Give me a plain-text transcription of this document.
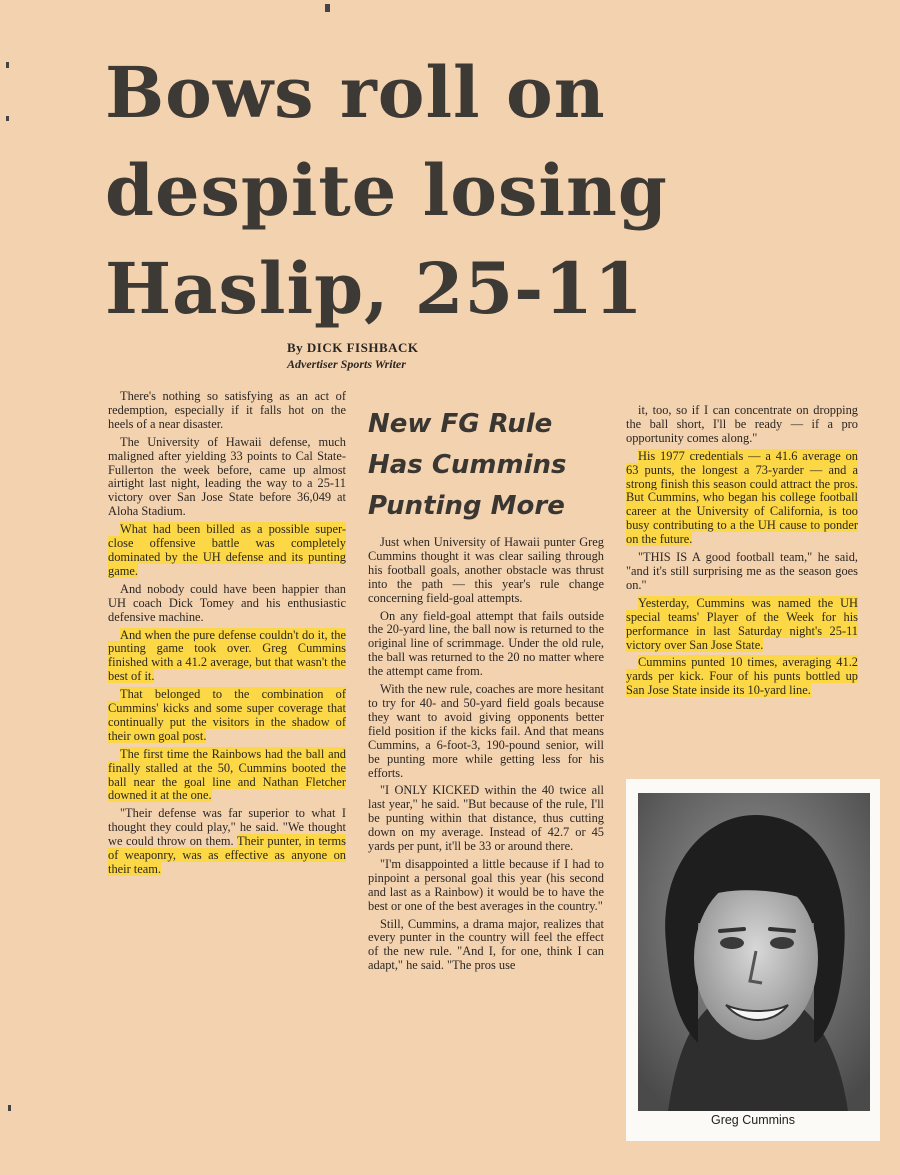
Bows roll on
despite losing
Haslip, 25-11
By DICK FISHBACK
Advertiser Sports Writer

There's nothing so satisfying as an act of redemption, especially if it falls hot on the heels of a near disaster.

The University of Hawaii defense, much maligned after yielding 33 points to Cal State-Fullerton the week before, came up almost airtight last night, leading the way to a 25-11 victory over San Jose State before 36,049 at Aloha Stadium.

What had been billed as a possible super-close offensive battle was completely dominated by the UH defense and its punting game.

And nobody could have been happier than UH coach Dick Tomey and his enthusiastic defensive machine.

And when the pure defense couldn't do it, the punting game took over. Greg Cummins finished with a 41.2 average, but that wasn't the best of it.

That belonged to the combination of Cummins' kicks and some super coverage that continually put the visitors in the shadow of their own goal post.

The first time the Rainbows had the ball and finally stalled at the 50, Cummins booted the ball near the goal line and Nathan Fletcher downed it at the one.

"Their defense was far superior to what I thought they could play," he said. "We thought we could throw on them. Their punter, in terms of weaponry, was as effective as anyone on their team.

New FG Rule
Has Cummins
Punting More

Just when University of Hawaii punter Greg Cummins thought it was clear sailing through his football goals, another obstacle was thrust into the path — this year's rule change concerning field-goal attempts.

On any field-goal attempt that fails outside the 20-yard line, the ball now is returned to the original line of scrimmage. Under the old rule, the ball was returned to the 20 no matter where the attempt came from.

With the new rule, coaches are more hesitant to try for 40- and 50-yard field goals because they want to avoid giving opponents better field position if the kicks fail. And that means Cummins, a 6-foot-3, 190-pound senior, will be punting more while getting less for his efforts.

"I ONLY KICKED within the 40 twice all last year," he said. "But because of the rule, I'll be punting within that distance, thus cutting down on my average. Instead of 42.7 or 45 yards per punt, it'll be 33 or around there.

"I'm disappointed a little because if I had to pinpoint a personal goal this year (his second and last as a Rainbow) it would be to have the best or one of the best averages in the country."

Still, Cummins, a drama major, realizes that every punter in the country will feel the effect of the new rule. "And I, for one, think I can adapt," he said. "The pros use

it, too, so if I can concentrate on dropping the ball short, I'll be ready — if a pro opportunity comes along."

His 1977 credentials — a 41.6 average on 63 punts, the longest a 73-yarder — and a strong finish this season could attract the pros. But Cummins, who began his college football career at the University of California, is too busy contributing to a the UH cause to ponder on the future.

"THIS IS A good football team," he said, "and it's still surprising me as the season goes on."

Yesterday, Cummins was named the UH special teams' Player of the Week for his performance in last Saturday night's 25-11 victory over San Jose State.

Cummins punted 10 times, averaging 41.2 yards per kick. Four of his punts bottled up San Jose State inside its 10-yard line.

Greg Cummins
